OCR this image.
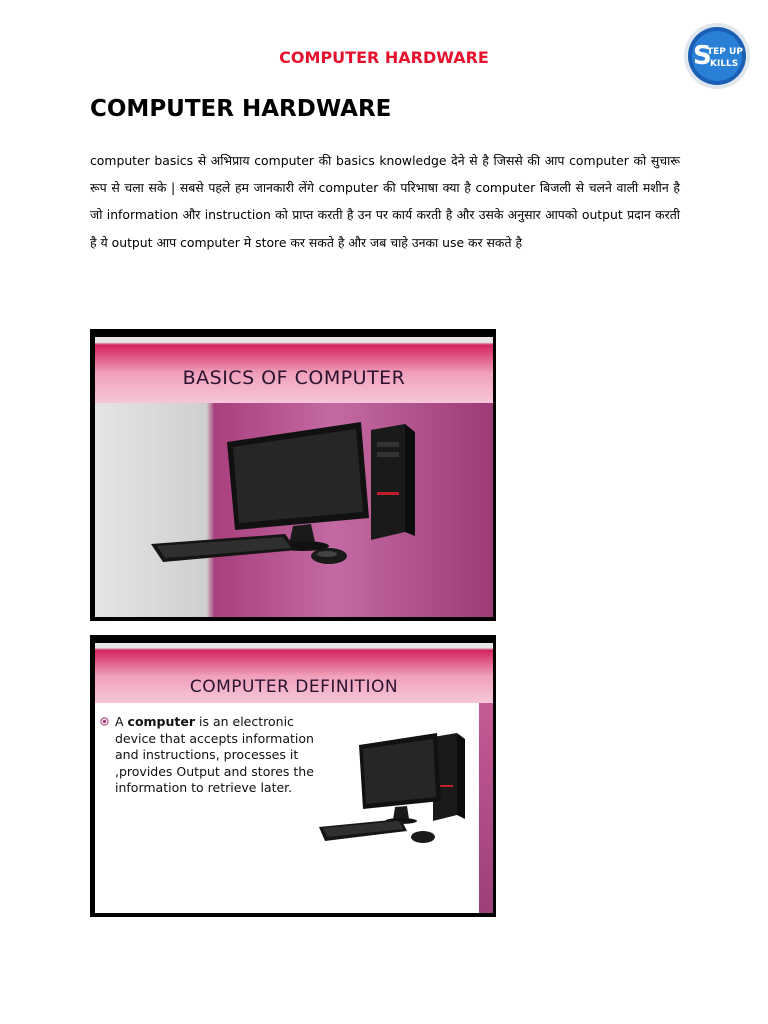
COMPUTER HARDWARE	S
TEP UP
KILLS
COMPUTER HARDWARE

computer basics से अभिप्राय computer की basics knowledge देने से है जिससे की आप computer को सुचारू रूप से चला सके | सबसे पहले हम जानकारी लेंगे computer की परिभाषा क्या है computer बिजली से चलने वाली मशीन है जो information और instruction को प्राप्त करती है उन पर कार्य करती है और उसके अनुसार आपको output प्रदान करती है ये output आप computer मे store कर सकते है और जब चाहे उनका use कर सकते है

BASICS OF COMPUTER
COMPUTER DEFINITION
A computer is an electronic device that accepts information and instructions, processes it ,provides Output and stores the information to retrieve later.
